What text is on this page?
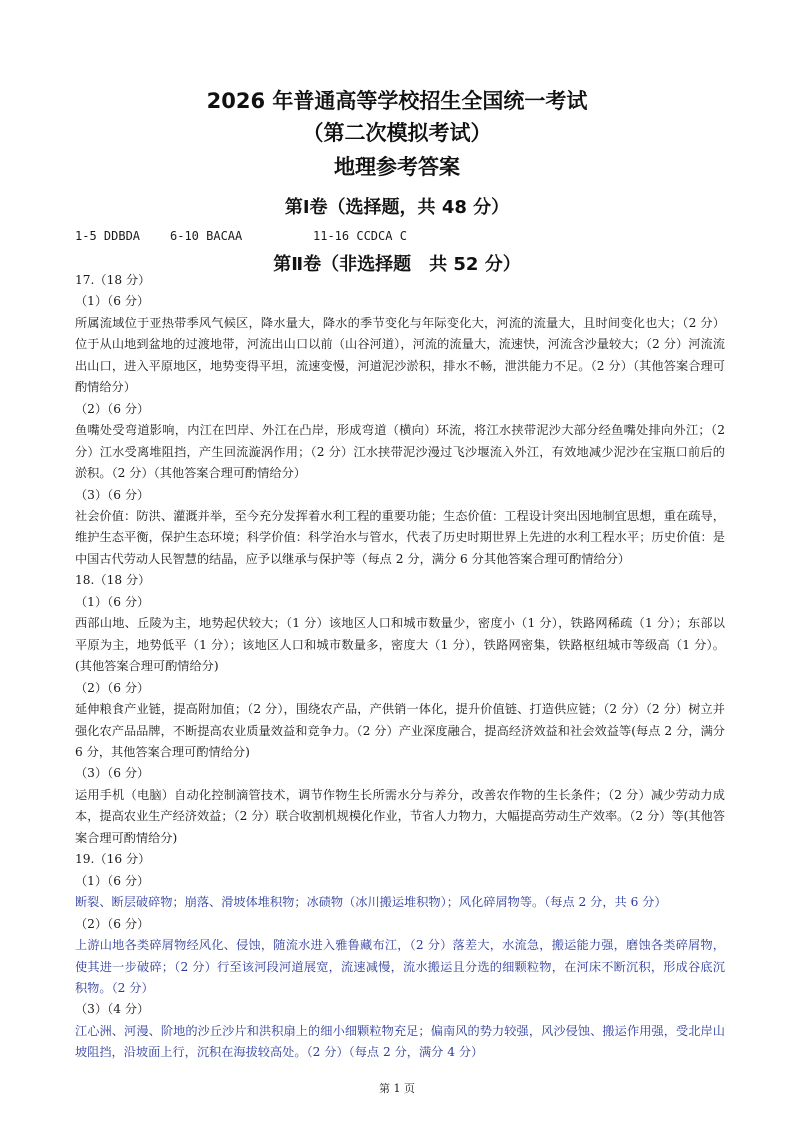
2026 年普通高等学校招生全国统一考试
（第二次模拟考试）
地理参考答案
第Ⅰ卷（选择题，共 48 分）
1-5 DDBDA 6-10 BACAA	11-16 CCDCA C
第Ⅱ卷（非选择题　共 52 分）

17.（18 分）

（1）（6 分）

所属流域位于亚热带季风气候区，降水量大，降水的季节变化与年际变化大，河流的流量大，且时间变化也大；（2 分）位于从山地到盆地的过渡地带，河流出山口以前（山谷河道），河流的流量大，流速快，河流含沙量较大；（2 分）河流流出山口，进入平原地区，地势变得平坦，流速变慢，河道泥沙淤积，排水不畅，泄洪能力不足。（2 分）（其他答案合理可酌情给分）

（2）（6 分）

鱼嘴处受弯道影响，内江在凹岸、外江在凸岸，形成弯道（横向）环流，将江水挟带泥沙大部分经鱼嘴处排向外江；（2 分）江水受离堆阻挡，产生回流漩涡作用；（2 分）江水挟带泥沙漫过飞沙堰流入外江，有效地减少泥沙在宝瓶口前后的淤积。（2 分）（其他答案合理可酌情给分）

（3）（6 分）

社会价值：防洪、灌溉并举，至今充分发挥着水利工程的重要功能；生态价值：工程设计突出因地制宜思想，重在疏导，维护生态平衡，保护生态环境；科学价值：科学治水与管水，代表了历史时期世界上先进的水利工程水平；历史价值：是中国古代劳动人民智慧的结晶，应予以继承与保护等（每点 2 分，满分 6 分其他答案合理可酌情给分）

18.（18 分）

（1）（6 分）

西部山地、丘陵为主，地势起伏较大；（1 分）该地区人口和城市数量少，密度小（1 分），铁路网稀疏（1 分）；东部以平原为主，地势低平（1 分）；该地区人口和城市数量多，密度大（1 分），铁路网密集，铁路枢纽城市等级高（1 分）。(其他答案合理可酌情给分)

（2）（6 分）

延伸粮食产业链，提高附加值；（2 分），围绕农产品，产供销一体化，提升价值链、打造供应链；（2 分）（2 分）树立并强化农产品品牌，不断提高农业质量效益和竞争力。（2 分）产业深度融合，提高经济效益和社会效益等(每点 2 分，满分 6 分，其他答案合理可酌情给分)

（3）（6 分）

运用手机（电脑）自动化控制滴管技术，调节作物生长所需水分与养分，改善农作物的生长条件；（2 分）减少劳动力成本，提高农业生产经济效益；（2 分）联合收割机规模化作业，节省人力物力，大幅提高劳动生产效率。（2 分）等(其他答案合理可酌情给分)

19.（16 分）

（1）（6 分）

断裂、断层破碎物；崩落、滑坡体堆积物；冰碛物（冰川搬运堆积物）；风化碎屑物等。（每点 2 分，共 6 分）

（2）（6 分）

上游山地各类碎屑物经风化、侵蚀，随流水进入雅鲁藏布江，（2 分）落差大，水流急，搬运能力强，磨蚀各类碎屑物，使其进一步破碎；（2 分）行至该河段河道展宽，流速减慢，流水搬运且分选的细颗粒物，在河床不断沉积，形成谷底沉积物。（2 分）

（3）（4 分）

江心洲、河漫、阶地的沙丘沙片和洪积扇上的细小细颗粒物充足；偏南风的势力较强，风沙侵蚀、搬运作用强，受北岸山坡阻挡，沿坡面上行，沉积在海拔较高处。（2 分）（每点 2 分，满分 4 分）

第 1 页
